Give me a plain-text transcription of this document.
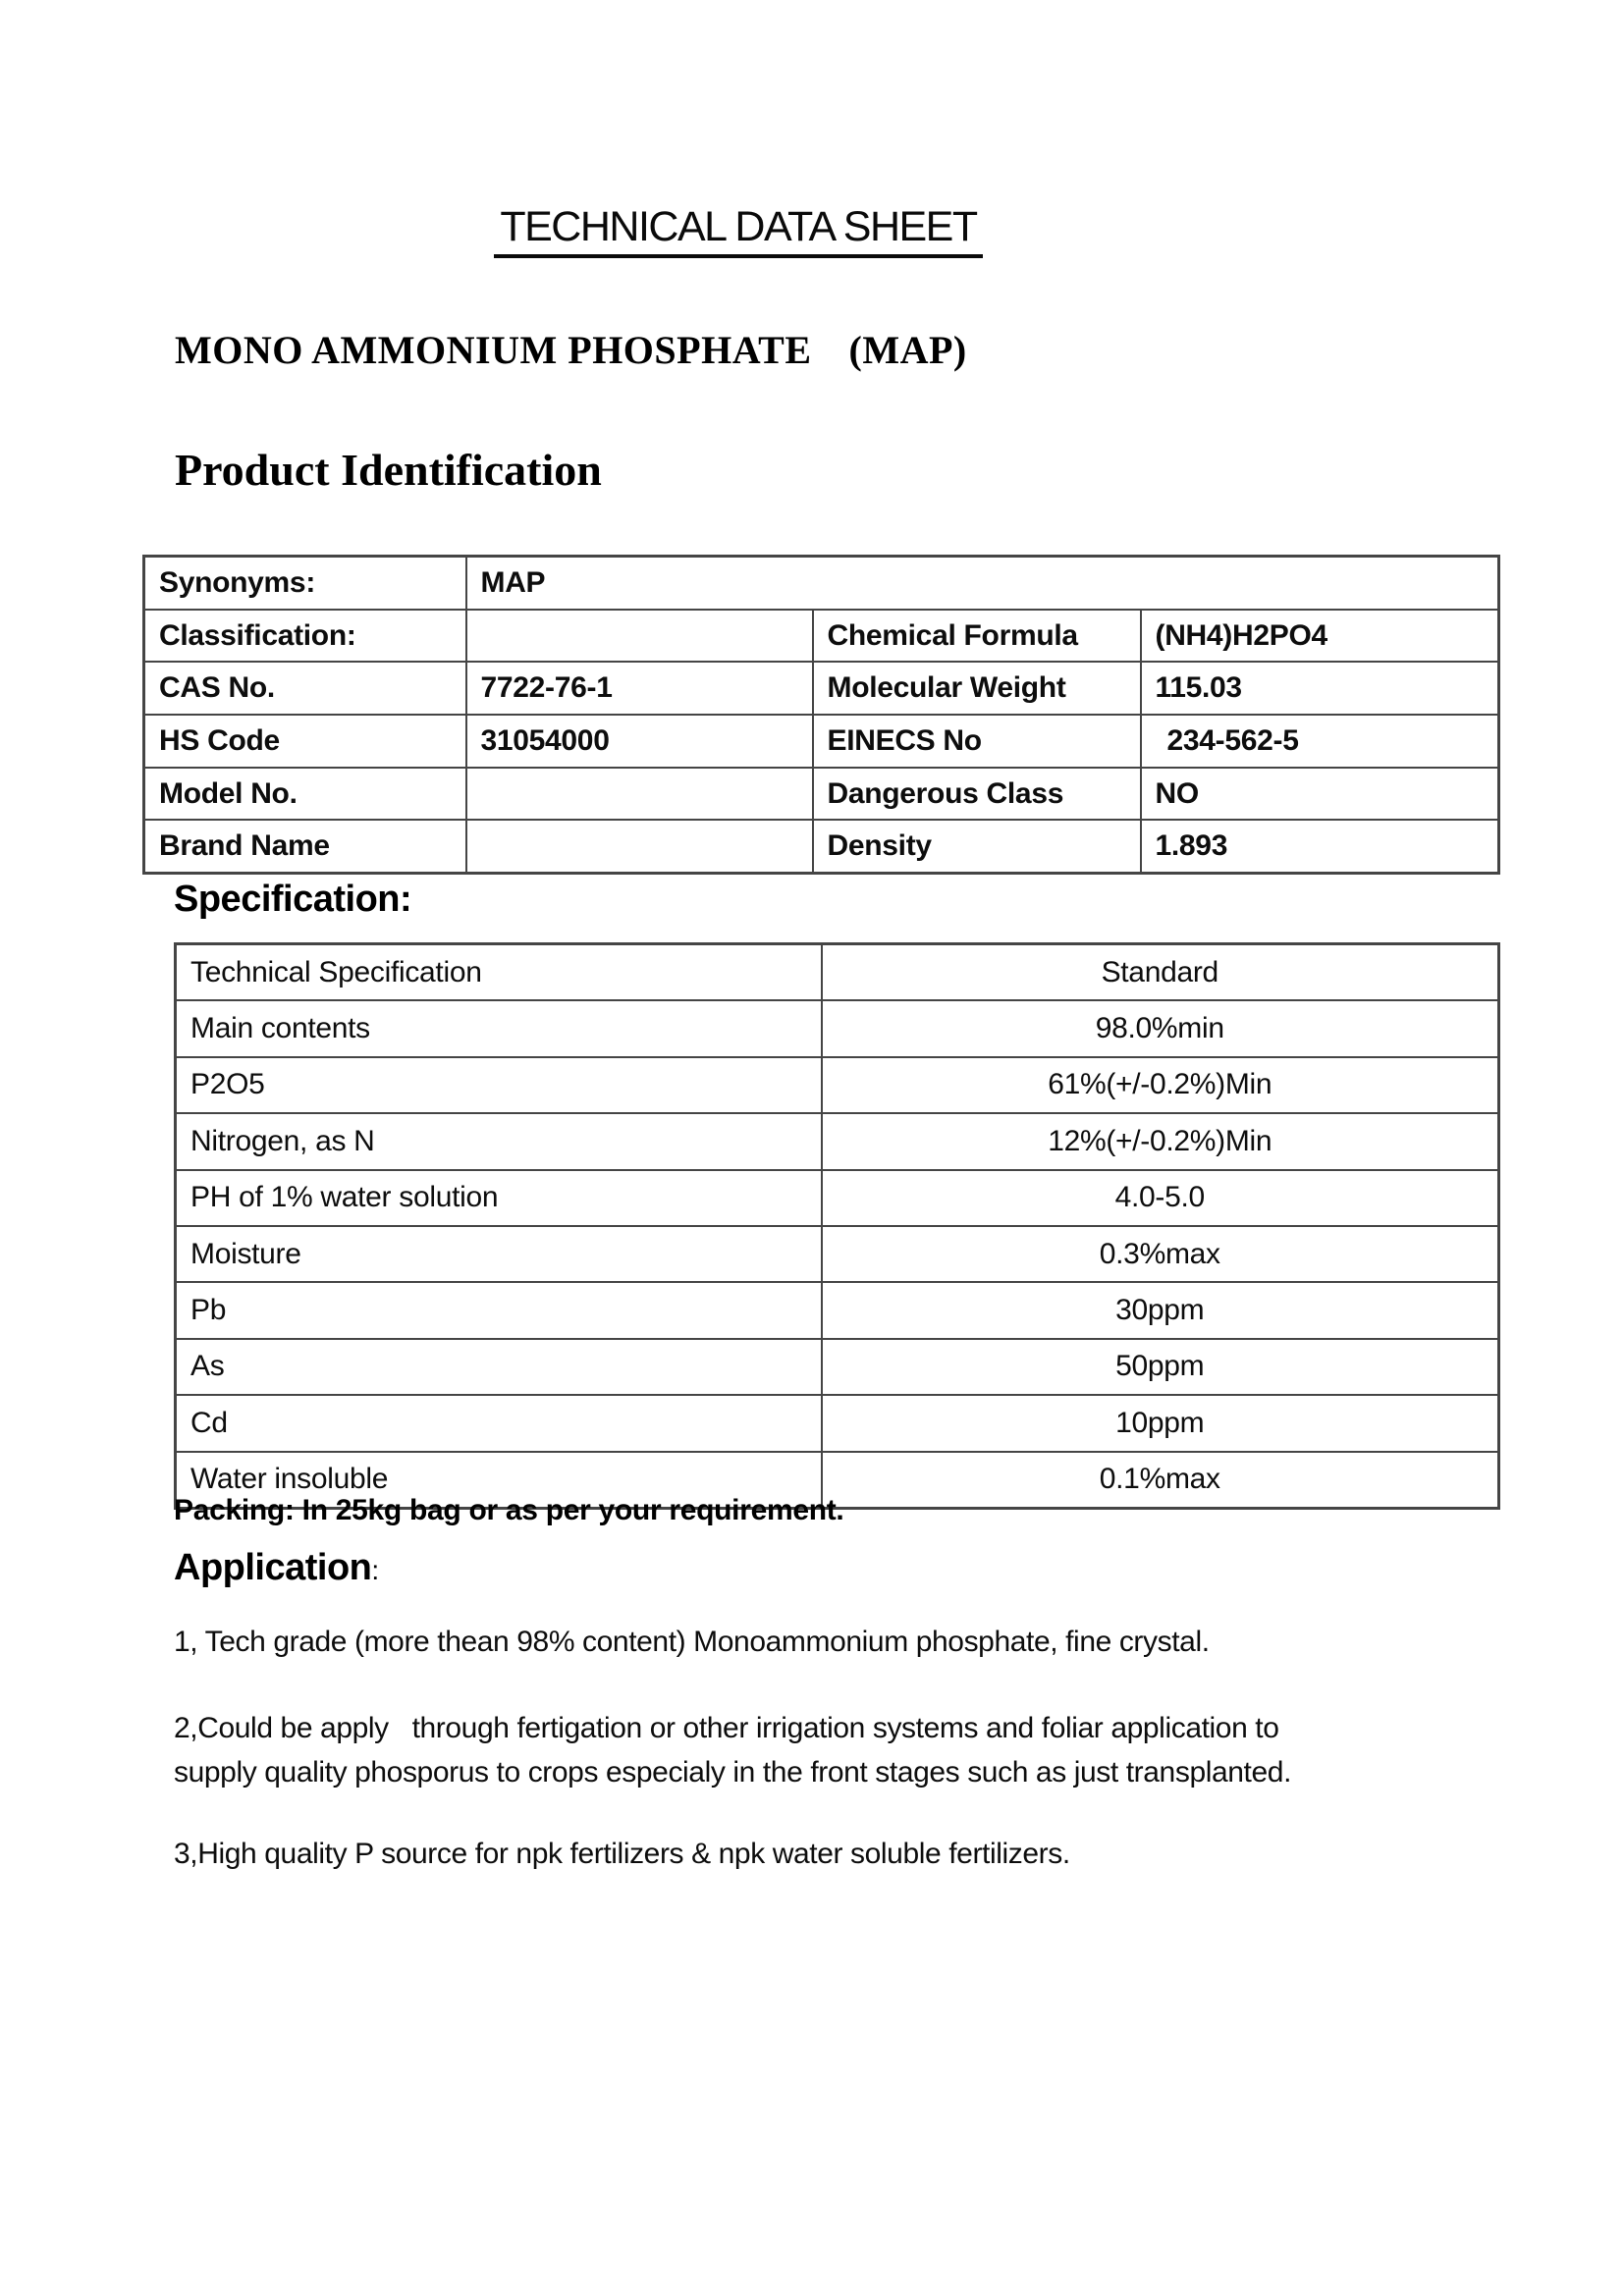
TECHNICAL DATA SHEET
MONO AMMONIUM PHOSPHATE (MAP)
Product Identification
Synonyms:	MAP		
Classification:		Chemical Formula	(NH4)H2PO4
CAS No.	7722-76-1	Molecular Weight	115.03
HS Code	31054000	EINECS No	234-562-5
Model No.		Dangerous Class	NO
Brand Name		Density	1.893
Specification:
Technical Specification	Standard
Main contents	98.0%min
P2O5	61%(+/-0.2%)Min
Nitrogen, as N	12%(+/-0.2%)Min
PH of 1% water solution	4.0-5.0
Moisture	0.3%max
Pb	30ppm
As	50ppm
Cd	10ppm
Water insoluble	0.1%max
Packing: In 25kg bag or as per your requirement.
Application:
1, Tech grade (more thean 98% content) Monoammonium phosphate, fine crystal.
2,Could be apply   through fertigation or other irrigation systems and foliar application to
supply quality phosporus to crops especialy in the front stages such as just transplanted.
3,High quality P source for npk fertilizers & npk water soluble fertilizers.
